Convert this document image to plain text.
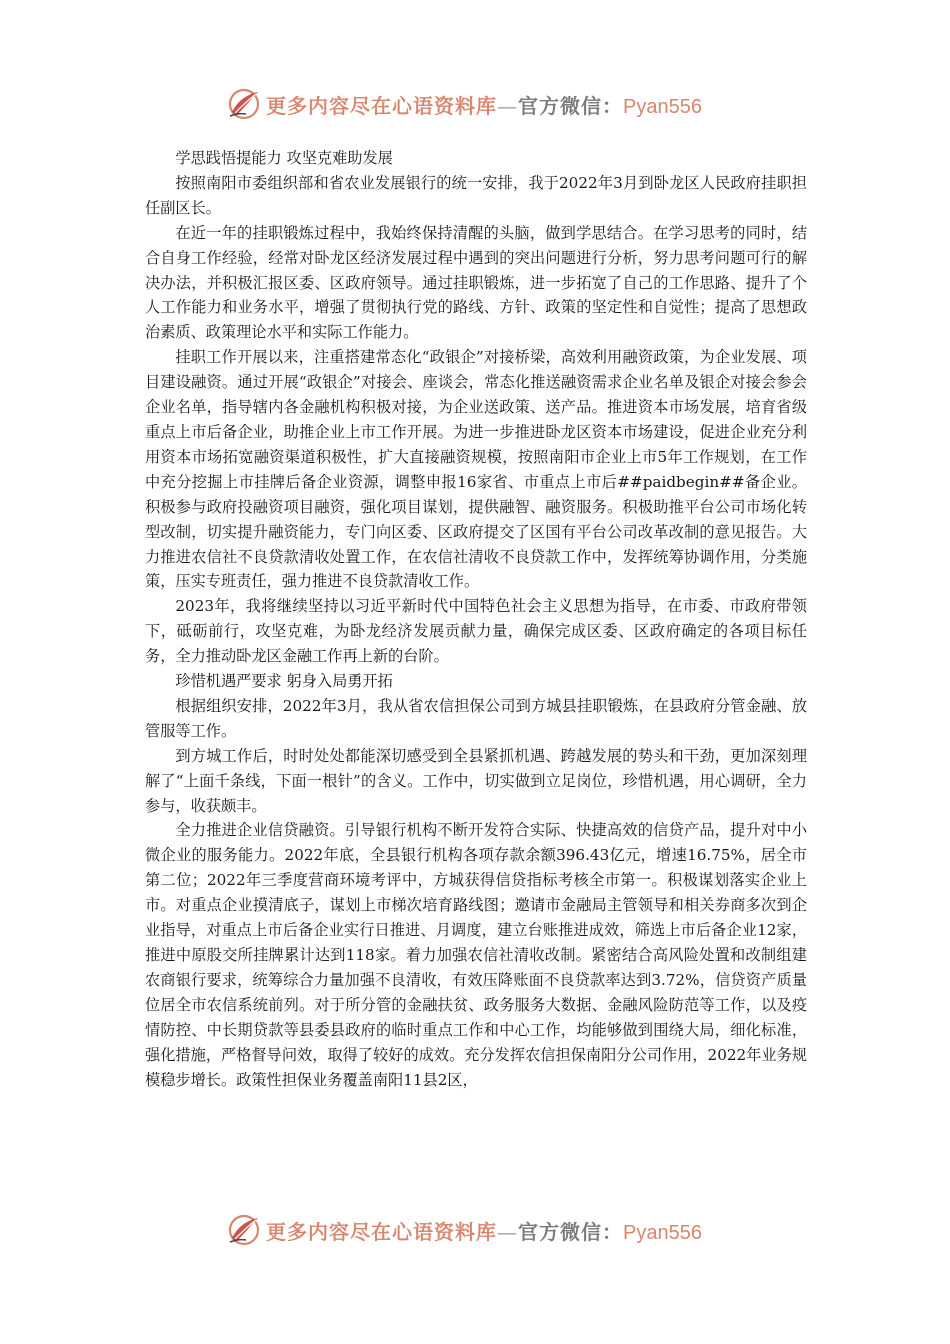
更多内容尽在心语资料库—官方微信：Pyan556

学思践悟提能力 攻坚克难助发展

按照南阳市委组织部和省农业发展银行的统一安排，我于2022年3月到卧龙区人民政府挂职担任副区长。

在近一年的挂职锻炼过程中，我始终保持清醒的头脑，做到学思结合。在学习思考的同时，结合自身工作经验，经常对卧龙区经济发展过程中遇到的突出问题进行分析，努力思考问题可行的解决办法，并积极汇报区委、区政府领导。通过挂职锻炼，进一步拓宽了自己的工作思路、提升了个人工作能力和业务水平，增强了贯彻执行党的路线、方针、政策的坚定性和自觉性；提高了思想政治素质、政策理论水平和实际工作能力。

挂职工作开展以来，注重搭建常态化“政银企”对接桥梁，高效利用融资政策，为企业发展、项目建设融资。通过开展“政银企”对接会、座谈会，常态化推送融资需求企业名单及银企对接会参会企业名单，指导辖内各金融机构积极对接，为企业送政策、送产品。推进资本市场发展，培育省级重点上市后备企业，助推企业上市工作开展。为进一步推进卧龙区资本市场建设，促进企业充分利用资本市场拓宽融资渠道积极性，扩大直接融资规模，按照南阳市企业上市5年工作规划，在工作中充分挖掘上市挂牌后备企业资源，调整申报16家省、市重点上市后##paidbegin##备企业。积极参与政府投融资项目融资，强化项目谋划，提供融智、融资服务。积极助推平台公司市场化转型改制，切实提升融资能力，专门向区委、区政府提交了区国有平台公司改革改制的意见报告。大力推进农信社不良贷款清收处置工作，在农信社清收不良贷款工作中，发挥统筹协调作用，分类施策，压实专班责任，强力推进不良贷款清收工作。

2023年，我将继续坚持以习近平新时代中国特色社会主义思想为指导，在市委、市政府带领下，砥砺前行，攻坚克难，为卧龙经济发展贡献力量，确保完成区委、区政府确定的各项目标任务，全力推动卧龙区金融工作再上新的台阶。

珍惜机遇严要求 躬身入局勇开拓

根据组织安排，2022年3月，我从省农信担保公司到方城县挂职锻炼，在县政府分管金融、放管服等工作。

到方城工作后，时时处处都能深切感受到全县紧抓机遇、跨越发展的势头和干劲，更加深刻理解了“上面千条线，下面一根针”的含义。工作中，切实做到立足岗位，珍惜机遇，用心调研，全力参与，收获颇丰。

全力推进企业信贷融资。引导银行机构不断开发符合实际、快捷高效的信贷产品，提升对中小微企业的服务能力。2022年底，全县银行机构各项存款余额396.43亿元，增速16.75%，居全市第二位；2022年三季度营商环境考评中，方城获得信贷指标考核全市第一。积极谋划落实企业上市。对重点企业摸清底子，谋划上市梯次培育路线图；邀请市金融局主管领导和相关券商多次到企业指导，对重点上市后备企业实行日推进、月调度，建立台账推进成效，筛选上市后备企业12家，推进中原股交所挂牌累计达到118家。着力加强农信社清收改制。紧密结合高风险处置和改制组建农商银行要求，统筹综合力量加强不良清收，有效压降账面不良贷款率达到3.72%，信贷资产质量位居全市农信系统前列。对于所分管的金融扶贫、政务服务大数据、金融风险防范等工作，以及疫情防控、中长期贷款等县委县政府的临时重点工作和中心工作，均能够做到围绕大局，细化标准，强化措施，严格督导问效，取得了较好的成效。充分发挥农信担保南阳分公司作用，2022年业务规模稳步增长。政策性担保业务覆盖南阳11县2区，

更多内容尽在心语资料库—官方微信：Pyan556
